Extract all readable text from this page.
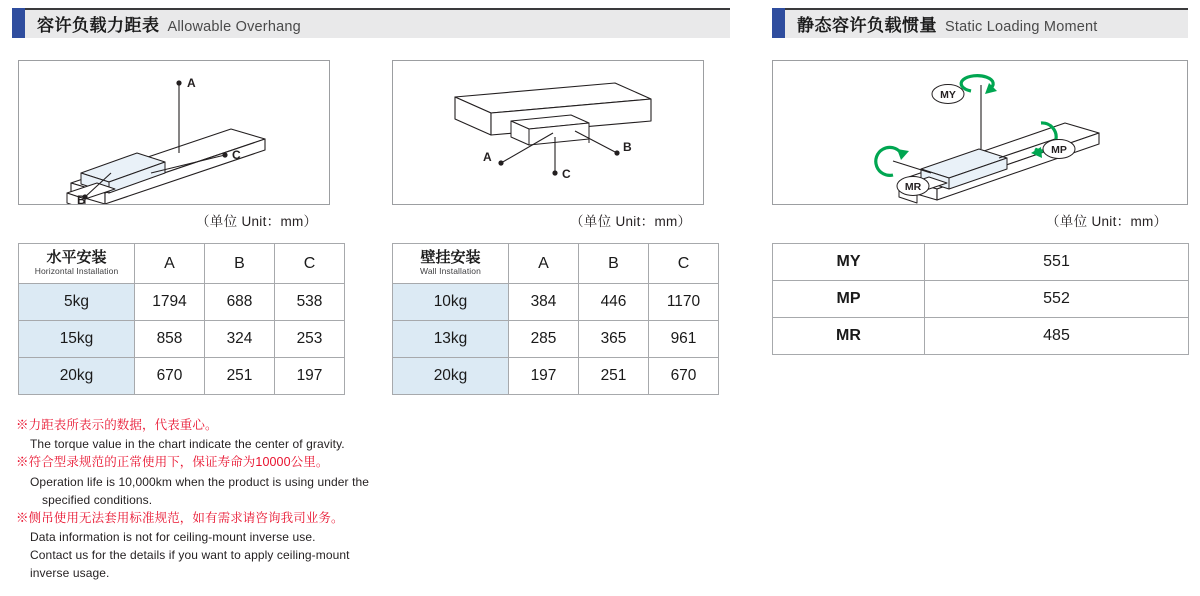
容许负载力距表 Allowable Overhang	静态容许负载惯量 Static Loading Moment
A
C
B
A
B
C
MY
MP
MR
（单位 Unit：mm）	（单位 Unit：mm）	（单位 Unit：mm）
水平安装
Horizontal Installation	A	B	C
5kg	1794	688	538
15kg	858	324	253
20kg	670	251	197
壁挂安装
Wall Installation	A	B	C
10kg	384	446	1170
13kg	285	365	961
20kg	197	251	670
MY	551
MP	552
MR	485
※力距表所表示的数据，代表重心。
The torque value in the chart indicate the center of gravity.
※符合型录规范的正常使用下，保证寿命为10000公里。
Operation life is 10,000km when the product is using under the
specified conditions.
※侧吊使用无法套用标准规范，如有需求请咨询我司业务。
Data information is not for ceiling-mount inverse use.
Contact us for the details if you want to apply ceiling-mount
inverse usage.
